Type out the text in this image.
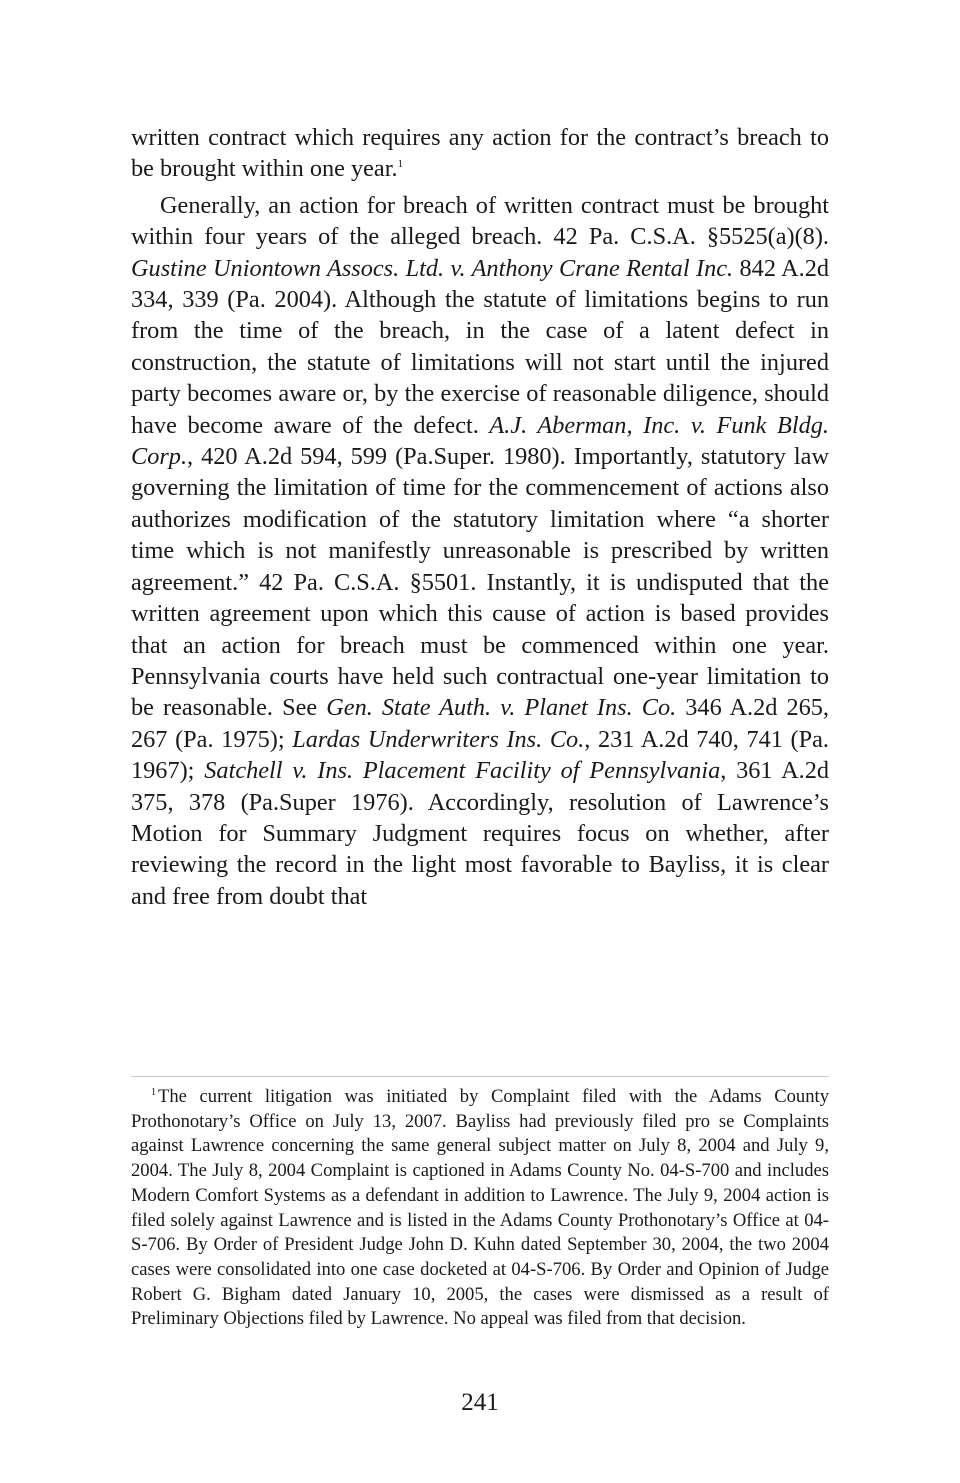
written contract which requires any action for the contract’s breach to be brought within one year.$^1$

Generally, an action for breach of written contract must be brought within four years of the alleged breach. 42 Pa. C.S.A. §5525(a)(8). Gustine Uniontown Assocs. Ltd. v. Anthony Crane Rental Inc. 842 A.2d 334, 339 (Pa. 2004). Although the statute of limitations begins to run from the time of the breach, in the case of a latent defect in construction, the statute of limitations will not start until the injured party becomes aware or, by the exercise of reasonable diligence, should have become aware of the defect. A.J. Aberman, Inc. v. Funk Bldg. Corp., 420 A.2d 594, 599 (Pa.Super. 1980). Importantly, statutory law governing the limitation of time for the commencement of actions also authorizes modification of the statutory limitation where “a shorter time which is not manifestly unreasonable is prescribed by written agreement.” 42 Pa. C.S.A. §5501. Instantly, it is undisputed that the written agreement upon which this cause of action is based provides that an action for breach must be commenced within one year. Pennsylvania courts have held such contractual one-year limitation to be reasonable. See Gen. State Auth. v. Planet Ins. Co. 346 A.2d 265, 267 (Pa. 1975); Lardas Underwriters Ins. Co., 231 A.2d 740, 741 (Pa. 1967); Satchell v. Ins. Placement Facility of Pennsylvania, 361 A.2d 375, 378 (Pa.Super 1976). Accordingly, resolution of Lawrence’s Motion for Summary Judgment requires focus on whether, after reviewing the record in the light most favorable to Bayliss, it is clear and free from doubt that

$^1$ The current litigation was initiated by Complaint filed with the Adams County Prothonotary’s Office on July 13, 2007. Bayliss had previously filed pro se Complaints against Lawrence concerning the same general subject matter on July 8, 2004 and July 9, 2004. The July 8, 2004 Complaint is captioned in Adams County No. 04-S-700 and includes Modern Comfort Systems as a defendant in addition to Lawrence. The July 9, 2004 action is filed solely against Lawrence and is listed in the Adams County Prothonotary’s Office at 04-S-706. By Order of President Judge John D. Kuhn dated September 30, 2004, the two 2004 cases were consolidated into one case docketed at 04-S-706. By Order and Opinion of Judge Robert G. Bigham dated January 10, 2005, the cases were dismissed as a result of Preliminary Objections filed by Lawrence. No appeal was filed from that decision.

241
